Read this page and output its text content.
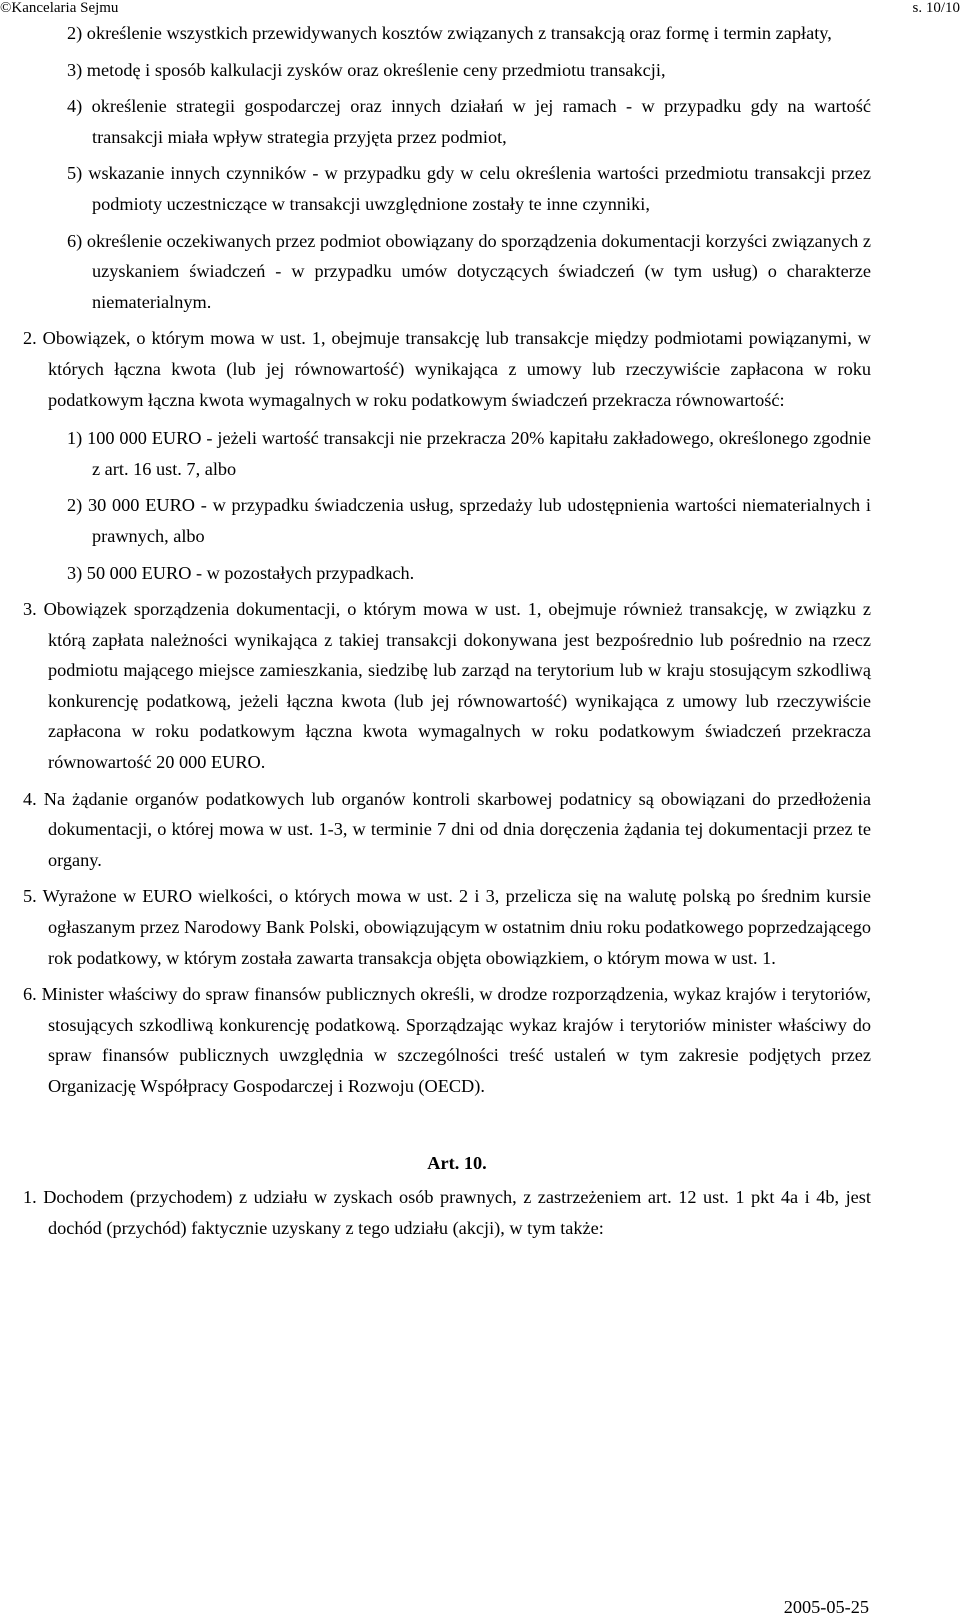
©Kancelaria Sejmu	s. 10/10

2) określenie wszystkich przewidywanych kosztów związanych z transakcją oraz formę i termin zapłaty,

3) metodę i sposób kalkulacji zysków oraz określenie ceny przedmiotu transakcji,

4) określenie strategii gospodarczej oraz innych działań w jej ramach - w przypadku gdy na wartość transakcji miała wpływ strategia przyjęta przez podmiot,

5) wskazanie innych czynników - w przypadku gdy w celu określenia wartości przedmiotu transakcji przez podmioty uczestniczące w transakcji uwzględnione zostały te inne czynniki,

6) określenie oczekiwanych przez podmiot obowiązany do sporządzenia dokumentacji korzyści związanych z uzyskaniem świadczeń - w przypadku umów dotyczących świadczeń (w tym usług) o charakterze niematerialnym.

2. Obowiązek, o którym mowa w ust. 1, obejmuje transakcję lub transakcje między podmiotami powiązanymi, w których łączna kwota (lub jej równowartość) wynikająca z umowy lub rzeczywiście zapłacona w roku podatkowym łączna kwota wymagalnych w roku podatkowym świadczeń przekracza równowartość:

1) 100 000 EURO - jeżeli wartość transakcji nie przekracza 20% kapitału zakładowego, określonego zgodnie z art. 16 ust. 7, albo

2) 30 000 EURO - w przypadku świadczenia usług, sprzedaży lub udostępnienia wartości niematerialnych i prawnych, albo

3) 50 000 EURO - w pozostałych przypadkach.

3. Obowiązek sporządzenia dokumentacji, o którym mowa w ust. 1, obejmuje również transakcję, w związku z którą zapłata należności wynikająca z takiej transakcji dokonywana jest bezpośrednio lub pośrednio na rzecz podmiotu mającego miejsce zamieszkania, siedzibę lub zarząd na terytorium lub w kraju stosującym szkodliwą konkurencję podatkową, jeżeli łączna kwota (lub jej równowartość) wynikająca z umowy lub rzeczywiście zapłacona w roku podatkowym łączna kwota wymagalnych w roku podatkowym świadczeń przekracza równowartość 20 000 EURO.

4. Na żądanie organów podatkowych lub organów kontroli skarbowej podatnicy są obowiązani do przedłożenia dokumentacji, o której mowa w ust. 1-3, w terminie 7 dni od dnia doręczenia żądania tej dokumentacji przez te organy.

5. Wyrażone w EURO wielkości, o których mowa w ust. 2 i 3, przelicza się na walutę polską po średnim kursie ogłaszanym przez Narodowy Bank Polski, obowiązującym w ostatnim dniu roku podatkowego poprzedzającego rok podatkowy, w którym została zawarta transakcja objęta obowiązkiem, o którym mowa w ust. 1.

6. Minister właściwy do spraw finansów publicznych określi, w drodze rozporządzenia, wykaz krajów i terytoriów, stosujących szkodliwą konkurencję podatkową. Sporządzając wykaz krajów i terytoriów minister właściwy do spraw finansów publicznych uwzględnia w szczególności treść ustaleń w tym zakresie podjętych przez Organizację Współpracy Gospodarczej i Rozwoju (OECD).

Art. 10.

1. Dochodem (przychodem) z udziału w zyskach osób prawnych, z zastrzeżeniem art. 12 ust. 1 pkt 4a i 4b, jest dochód (przychód) faktycznie uzyskany z tego udziału (akcji), w tym także:

2005-05-25
